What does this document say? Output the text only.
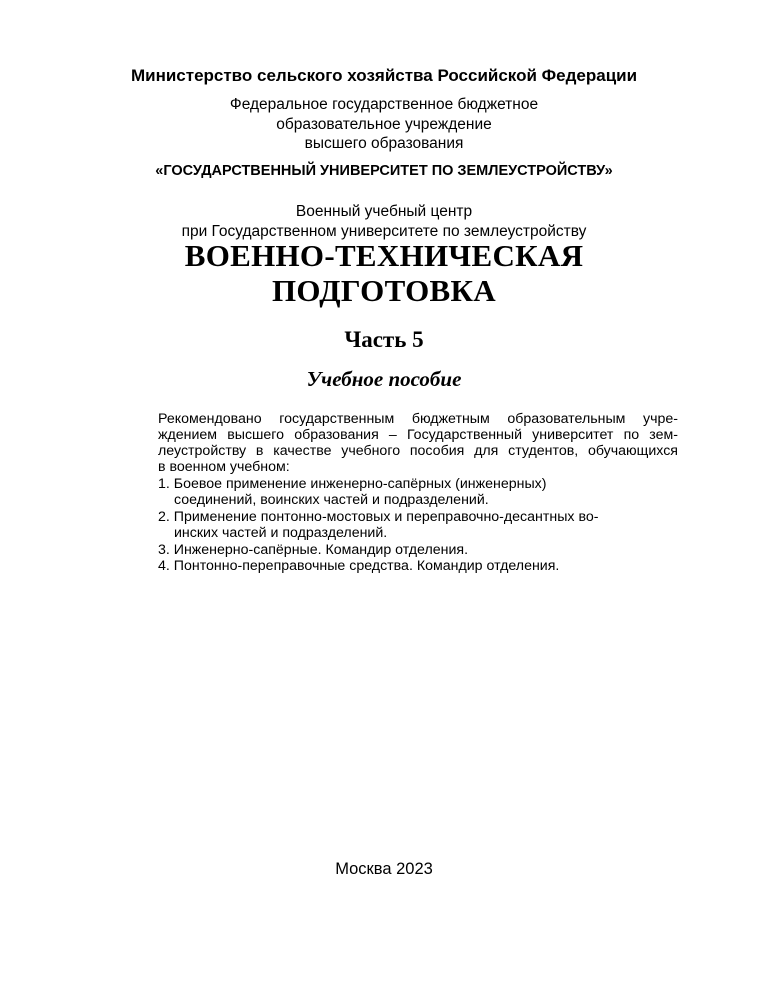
Министерство сельского хозяйства Российской Федерации
Федеральное государственное бюджетное
образовательное учреждение
высшего образования
«ГОСУДАРСТВЕННЫЙ УНИВЕРСИТЕТ ПО ЗЕМЛЕУСТРОЙСТВУ»
Военный учебный центр
при Государственном университете по землеустройству
ВОЕННО-ТЕХНИЧЕСКАЯ
ПОДГОТОВКА
Часть 5
Учебное пособие
Рекомендовано государственным бюджетным образовательным учре-
ждением высшего образования – Государственный университет по зем-
леустройству в качестве учебного пособия для студентов, обучающихся
в военном учебном:
1. Боевое применение инженерно-сапёрных (инженерных)
соединений, воинских частей и подразделений.
2. Применение понтонно-мостовых и переправочно-десантных во-
инских частей и подразделений.
3. Инженерно-сапёрные. Командир отделения.
4. Понтонно-переправочные средства. Командир отделения.
Москва 2023
